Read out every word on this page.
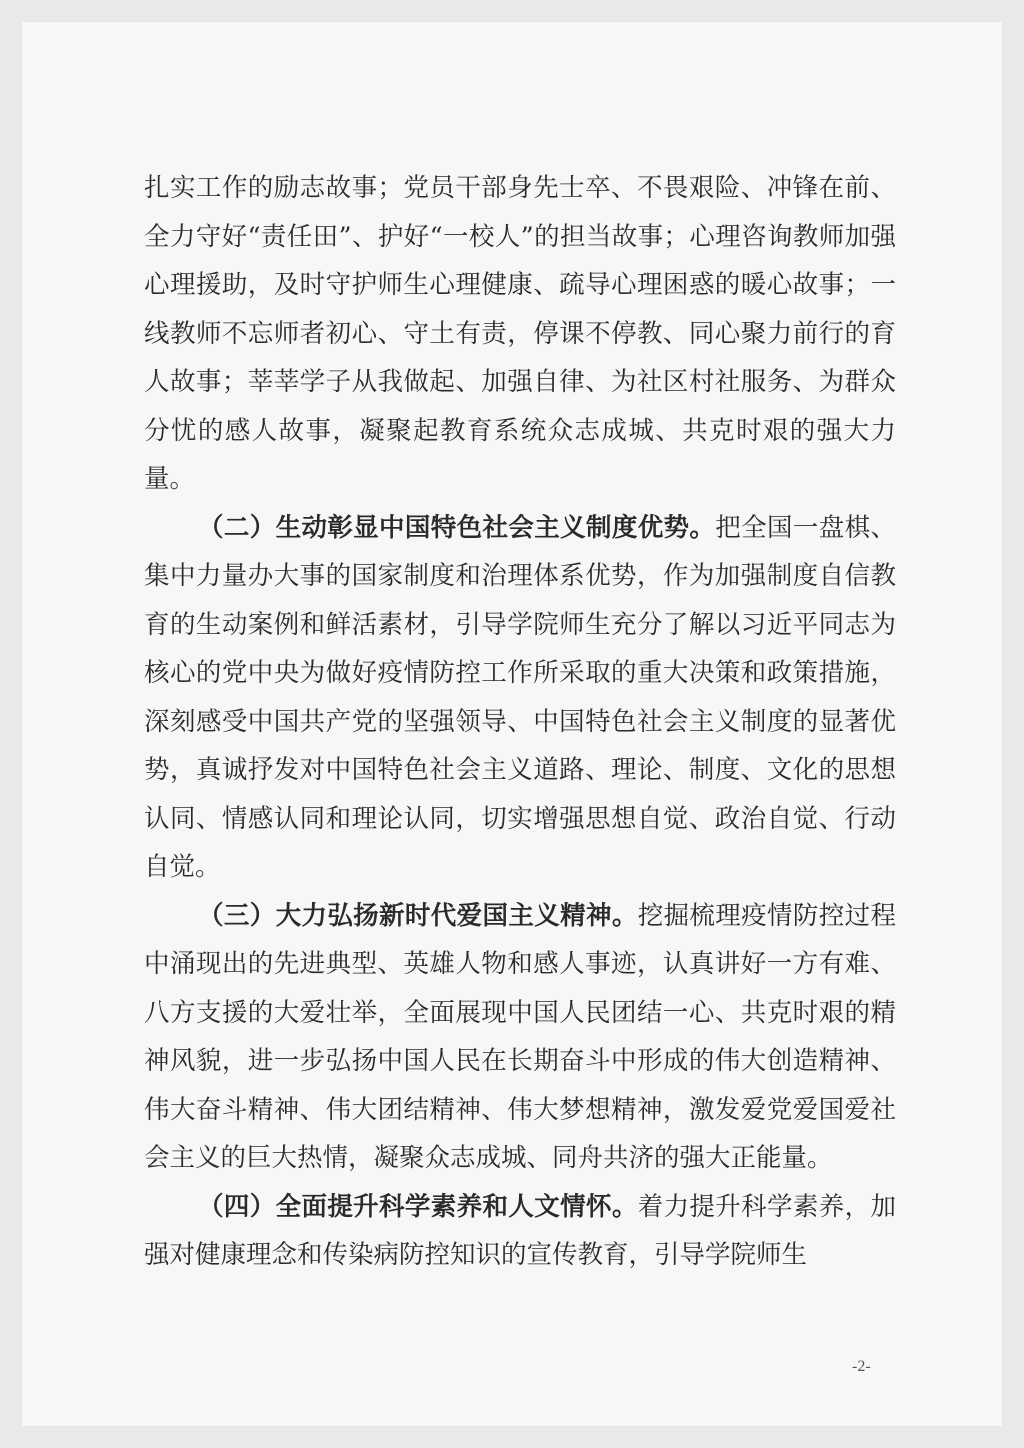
扎实工作的励志故事；党员干部身先士卒、不畏艰险、冲锋在前、全力守好“责任田”、护好“一校人”的担当故事；心理咨询教师加强心理援助，及时守护师生心理健康、疏导心理困惑的暖心故事；一线教师不忘师者初心、守土有责，停课不停教、同心聚力前行的育人故事；莘莘学子从我做起、加强自律、为社区村社服务、为群众分忧的感人故事，凝聚起教育系统众志成城、共克时艰的强大力量。

（二）生动彰显中国特色社会主义制度优势。把全国一盘棋、集中力量办大事的国家制度和治理体系优势，作为加强制度自信教育的生动案例和鲜活素材，引导学院师生充分了解以习近平同志为核心的党中央为做好疫情防控工作所采取的重大决策和政策措施，深刻感受中国共产党的坚强领导、中国特色社会主义制度的显著优势，真诚抒发对中国特色社会主义道路、理论、制度、文化的思想认同、情感认同和理论认同，切实增强思想自觉、政治自觉、行动自觉。

（三）大力弘扬新时代爱国主义精神。挖掘梳理疫情防控过程中涌现出的先进典型、英雄人物和感人事迹，认真讲好一方有难、八方支援的大爱壮举，全面展现中国人民团结一心、共克时艰的精神风貌，进一步弘扬中国人民在长期奋斗中形成的伟大创造精神、伟大奋斗精神、伟大团结精神、伟大梦想精神，激发爱党爱国爱社会主义的巨大热情，凝聚众志成城、同舟共济的强大正能量。

（四）全面提升科学素养和人文情怀。着力提升科学素养，加强对健康理念和传染病防控知识的宣传教育，引导学院师生

-2-
